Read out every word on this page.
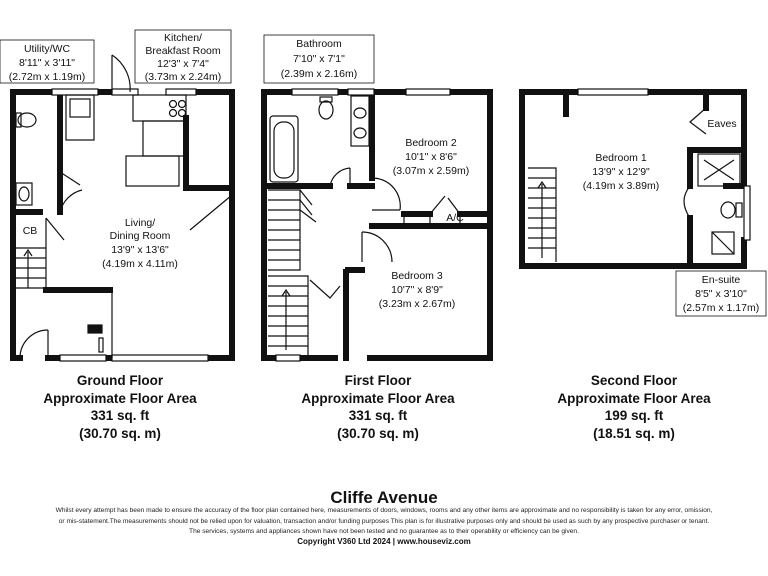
Utility/WC
8'11" x 3'11"
(2.72m x 1.19m)
Kitchen/
Breakfast Room
12'3" x 7'4"
(3.73m x 2.24m)
Living/
Dining Room
13'9" x 13'6"
(4.19m x 4.11m)
CB
Bathroom
7'10" x 7'1"
(2.39m x 2.16m)
Bedroom 2
10'1" x 8'6"
(3.07m x 2.59m)
A/C
Bedroom 3
10'7" x 8'9"
(3.23m x 2.67m)
Bedroom 1
13'9" x 12'9"
(4.19m x 3.89m)
Eaves
En-suite
8'5" x 3'10"
(2.57m x 1.17m)
Ground Floor
Approximate Floor Area
331 sq. ft
(30.70 sq. m)
First Floor
Approximate Floor Area
331 sq. ft
(30.70 sq. m)
Second Floor
Approximate Floor Area
199 sq. ft
(18.51 sq. m)
Cliffe Avenue
Whilst every attempt has been made to ensure the accuracy of the floor plan contained here, measurements of doors, windows, rooms and any other items are approximate and no responsibility is taken for any error, omission,
or mis-statement.The measurements should not be relied upon for valuation, transaction and/or funding purposes This plan is for illustrative purposes only and should be used as such by any prospective purchaser or tenant.
The services, systems and appliances shown have not been tested and no guarantee as to their operability or efficiency can be given.
Copyright V360 Ltd 2024 | www.houseviz.com
